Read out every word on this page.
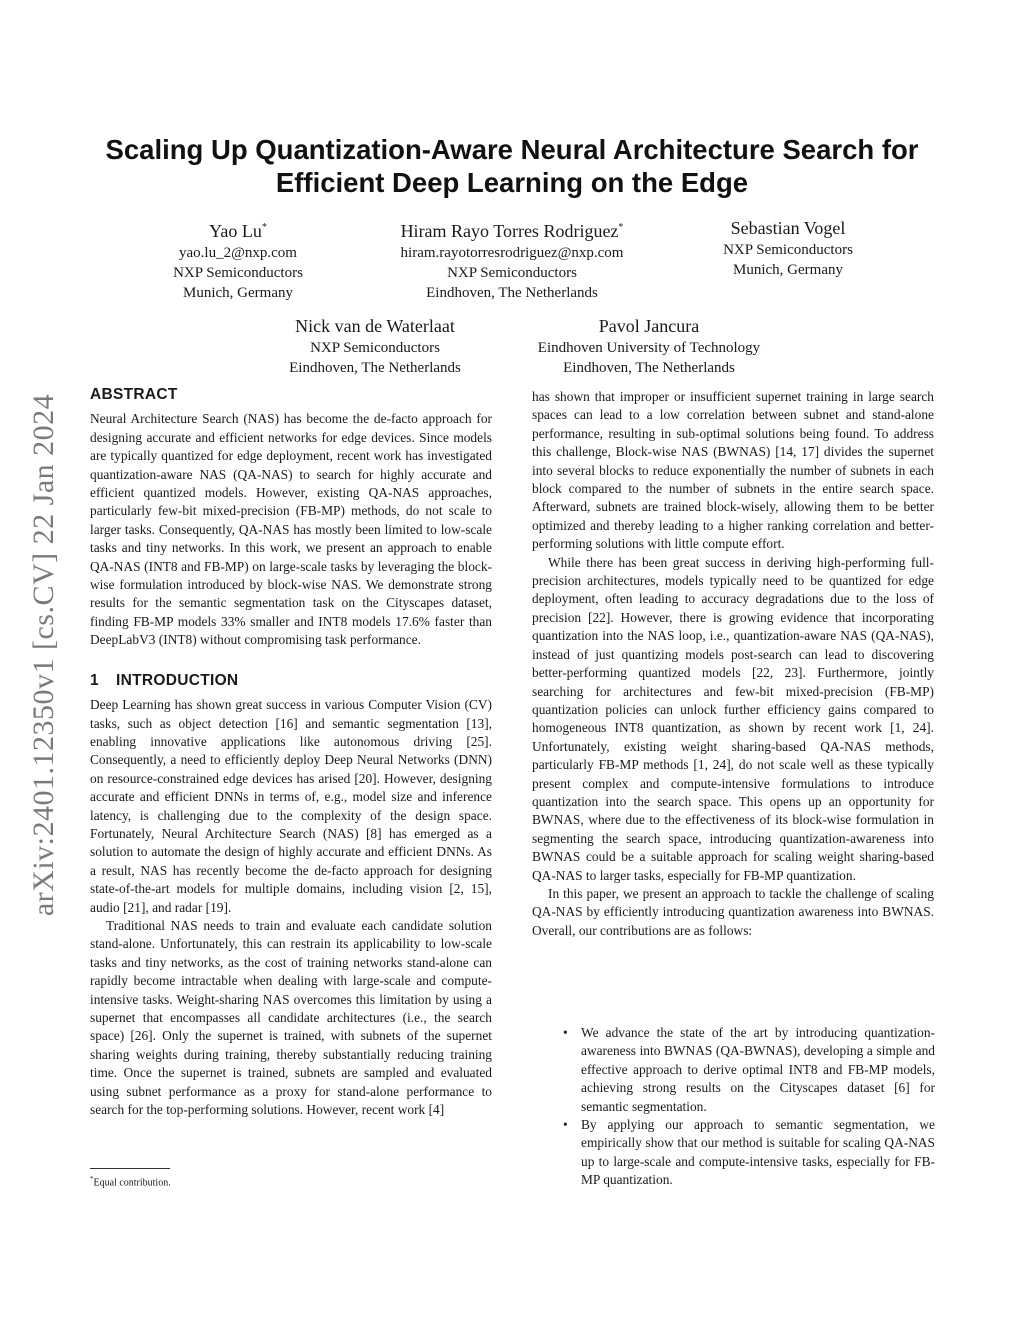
arXiv:2401.12350v1 [cs.CV] 22 Jan 2024
Scaling Up Quantization-Aware Neural Architecture Search for
Efficient Deep Learning on the Edge
Yao Lu*
yao.lu_2@nxp.com
NXP Semiconductors
Munich, Germany
Hiram Rayo Torres Rodriguez*
hiram.rayotorresrodriguez@nxp.com
NXP Semiconductors
Eindhoven, The Netherlands
Sebastian Vogel
NXP Semiconductors
Munich, Germany
Nick van de Waterlaat
NXP Semiconductors
Eindhoven, The Netherlands
Pavol Jancura
Eindhoven University of Technology
Eindhoven, The Netherlands
ABSTRACT

Neural Architecture Search (NAS) has become the de-facto approach for designing accurate and efficient networks for edge devices. Since models are typically quantized for edge deployment, recent work has investigated quantization-aware NAS (QA-NAS) to search for highly accurate and efficient quantized models. However, existing QA-NAS approaches, particularly few-bit mixed-precision (FB-MP) methods, do not scale to larger tasks. Consequently, QA-NAS has mostly been limited to low-scale tasks and tiny networks. In this work, we present an approach to enable QA-NAS (INT8 and FB-MP) on large-scale tasks by leveraging the block-wise formulation introduced by block-wise NAS. We demonstrate strong results for the semantic segmentation task on the Cityscapes dataset, finding FB-MP models 33% smaller and INT8 models 17.6% faster than DeepLabV3 (INT8) without compromising task performance.

1 INTRODUCTION

Deep Learning has shown great success in various Computer Vision (CV) tasks, such as object detection [16] and semantic segmentation [13], enabling innovative applications like autonomous driving [25]. Consequently, a need to efficiently deploy Deep Neural Networks (DNN) on resource-constrained edge devices has arised [20]. However, designing accurate and efficient DNNs in terms of, e.g., model size and inference latency, is challenging due to the complexity of the design space. Fortunately, Neural Architecture Search (NAS) [8] has emerged as a solution to automate the design of highly accurate and efficient DNNs. As a result, NAS has recently become the de-facto approach for designing state-of-the-art models for multiple domains, including vision [2, 15], audio [21], and radar [19].

Traditional NAS needs to train and evaluate each candidate solution stand-alone. Unfortunately, this can restrain its applicability to low-scale tasks and tiny networks, as the cost of training networks stand-alone can rapidly become intractable when dealing with large-scale and compute-intensive tasks. Weight-sharing NAS overcomes this limitation by using a supernet that encompasses all candidate architectures (i.e., the search space) [26]. Only the supernet is trained, with subnets of the supernet sharing weights during training, thereby substantially reducing training time. Once the supernet is trained, subnets are sampled and evaluated using subnet performance as a proxy for stand-alone performance to search for the top-performing solutions. However, recent work [4]

has shown that improper or insufficient supernet training in large search spaces can lead to a low correlation between subnet and stand-alone performance, resulting in sub-optimal solutions being found. To address this challenge, Block-wise NAS (BWNAS) [14, 17] divides the supernet into several blocks to reduce exponentially the number of subnets in each block compared to the number of subnets in the entire search space. Afterward, subnets are trained block-wisely, allowing them to be better optimized and thereby leading to a higher ranking correlation and better-performing solutions with little compute effort.

While there has been great success in deriving high-performing full-precision architectures, models typically need to be quantized for edge deployment, often leading to accuracy degradations due to the loss of precision [22]. However, there is growing evidence that incorporating quantization into the NAS loop, i.e., quantization-aware NAS (QA-NAS), instead of just quantizing models post-search can lead to discovering better-performing quantized models [22, 23]. Furthermore, jointly searching for architectures and few-bit mixed-precision (FB-MP) quantization policies can unlock further efficiency gains compared to homogeneous INT8 quantization, as shown by recent work [1, 24]. Unfortunately, existing weight sharing-based QA-NAS methods, particularly FB-MP methods [1, 24], do not scale well as these typically present complex and compute-intensive formulations to introduce quantization into the search space. This opens up an opportunity for BWNAS, where due to the effectiveness of its block-wise formulation in segmenting the search space, introducing quantization-awareness into BWNAS could be a suitable approach for scaling weight sharing-based QA-NAS to larger tasks, especially for FB-MP quantization.

In this paper, we present an approach to tackle the challenge of scaling QA-NAS by efficiently introducing quantization awareness into BWNAS. Overall, our contributions are as follows:

• We advance the state of the art by introducing quantization-awareness into BWNAS (QA-BWNAS), developing a simple and effective approach to derive optimal INT8 and FB-MP models, achieving strong results on the Cityscapes dataset [6] for semantic segmentation.
• By applying our approach to semantic segmentation, we empirically show that our method is suitable for scaling QA-NAS up to large-scale and compute-intensive tasks, especially for FB-MP quantization.
*Equal contribution.
